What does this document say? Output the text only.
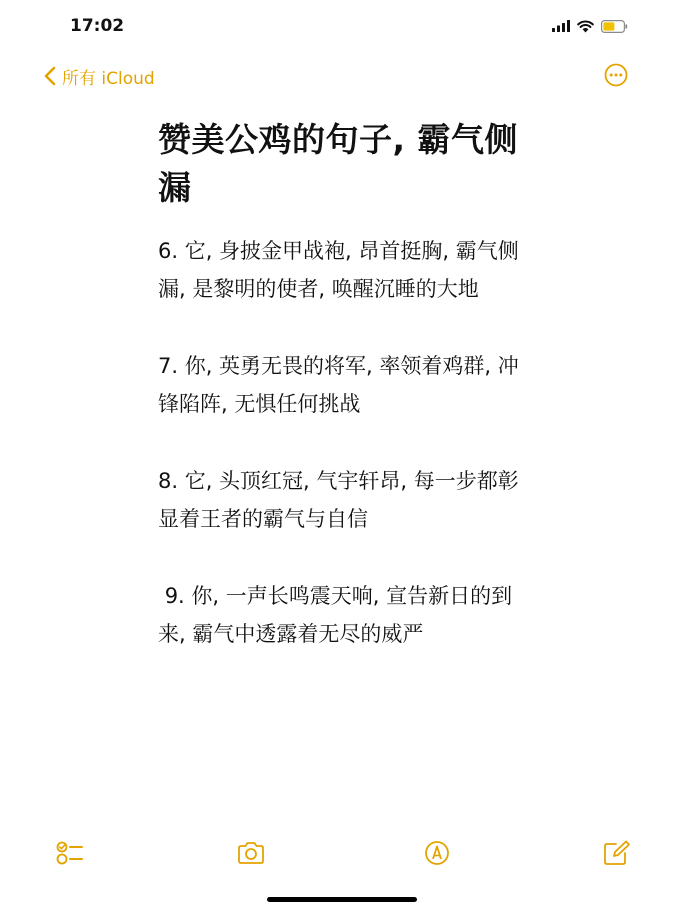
17:02
所有 iCloud
赞美公鸡的句子, 霸气侧漏
6. 它, 身披金甲战袍, 昂首挺胸, 霸气侧漏, 是黎明的使者, 唤醒沉睡的大地
7. 你, 英勇无畏的将军, 率领着鸡群, 冲锋陷阵, 无惧任何挑战
8. 它, 头顶红冠, 气宇轩昂, 每一步都彰显着王者的霸气与自信
9. 你, 一声长鸣震天响, 宣告新日的到来, 霸气中透露着无尽的威严
